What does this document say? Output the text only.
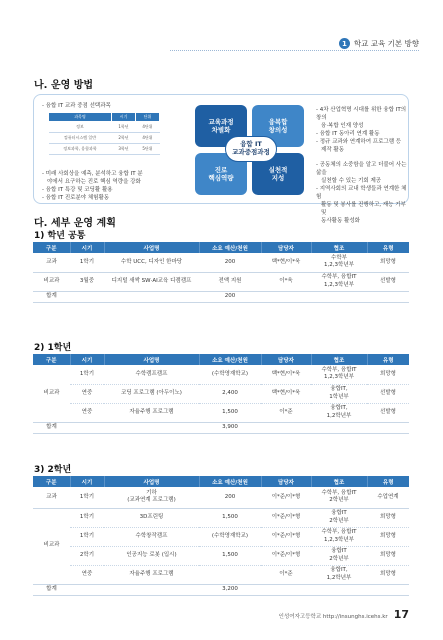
1 학교 교육 기본 방향
나. 운영 방법
- 융합 IT 교과 중점 선택과목
과목명	시기	단위
정보	1학년	4단위
컴퓨터시스템 일반	2학년	4단위
정보과학, 융합과학	3학년	5단위
- 미래 사회상을 예측, 분석하고 융합 IT 분
야에서 요구하는 진로 핵심 역량을 강화
- 융합 IT 특강 및 코딩활 활용
- 융합 IT 진로분야 체험활동
교육과정
차별화
융복합
창의성
진로
핵심역량
실천적
지성
융합 IT
교과중점과정
- 4차 산업혁명 시대를 위한 융합 IT의 창의
융·복합 인재 양성
- 융합 IT 동아리 연계 활동
- 정규 교과와 연계하여 프로그램 등
제작 활동
- 공동체의 소중함을 알고 더불어 사는 삶을
실천할 수 있는 기회 제공
- 지역사회의 교내 학생들과 연계한 체험
활동 및 봉사를 진행하고, 재능 기부 및
동사활동 활성화
다. 세부 운영 계획
1) 학년 공통
구분	시기	사업명	소요 예산/천원	담당자	협조	유형
교과	1학기	수학 UCC, 디자인 한마당	200	백*현/이*욱	수학부
1,2,3학년부	희망형
비교과	3월중	디지털 새싹 SW·AI교육 디캠캠프	전액 지원	이*욱	수학부, 융합IT
1,2,3학년부	선발형
합계			200			
2) 1학년
구분	시기	사업명	소요 예산/천원	담당자	협조	유형
비교과	1학기	수학캠프캠프	(수학영재학교)	백*현/이*욱	수학부, 융합IT
1,2,3학년부	희망형
	연중	코딩 프로그램 (아두이노)	2,400	백*현/이*욱	융합IT,
1학년부	선발형
	연중	자율주행 프로그램	1,500	이*준	융합IT,
1,2학년부	선발형
합계			3,900			
3) 2학년
구분	시기	사업명	소요 예산/천원	담당자	협조	유형
교과	1학기	기하
(교과연계 프로그램)	200	이*준/이*형	수학부, 융합IT
2학년부	수업연계
비교과	1학기	3D프린팅	1,500	이*준/이*형	융합IT
2학년부	희망형
	1학기	수학창작캠프	(수학영재학교)	이*준/이*형	수학부, 융합IT
1,2,3학년부	희망형
	2학기	인공지능 로봇 (입시)	1,500	이*준/이*형	융합IT
2학년부	희망형
	연중	자율주행 프로그램		이*준	융합IT,
1,2학년부	희망형
합계			3,200			
인성여자고등학교 http://insunghs.icehs.kr 17
